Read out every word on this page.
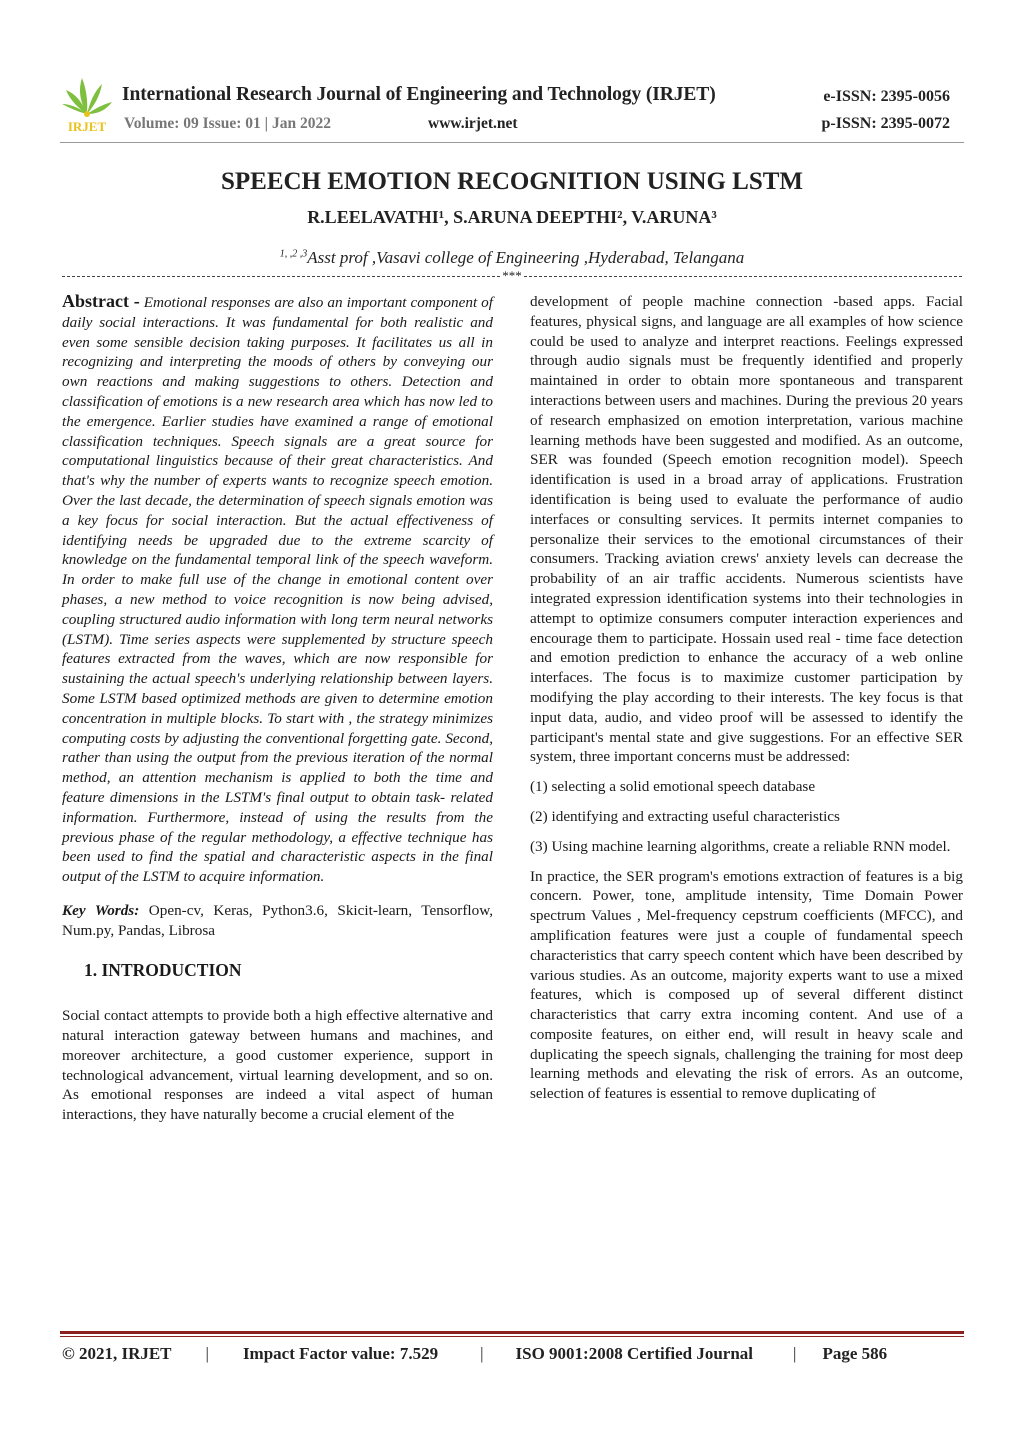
IRJET
International Research Journal of Engineering and Technology (IRJET)	e-ISSN: 2395-0056
Volume: 09 Issue: 01 | Jan 2022	www.irjet.net	p-ISSN: 2395-0072
SPEECH EMOTION RECOGNITION USING LSTM
R.LEELAVATHI¹, S.ARUNA DEEPTHI², V.ARUNA³
$^{1, ,2 ,3}$Asst prof ,Vasavi college of Engineering ,Hyderabad, Telangana
***

Abstract - Emotional responses are also an important component of daily social interactions. It was fundamental for both realistic and even some sensible decision taking purposes. It facilitates us all in recognizing and interpreting the moods of others by conveying our own reactions and making suggestions to others. Detection and classification of emotions is a new research area which has now led to the emergence. Earlier studies have examined a range of emotional classification techniques. Speech signals are a great source for computational linguistics because of their great characteristics. And that's why the number of experts wants to recognize speech emotion. Over the last decade, the determination of speech signals emotion was a key focus for social interaction. But the actual effectiveness of identifying needs be upgraded due to the extreme scarcity of knowledge on the fundamental temporal link of the speech waveform. In order to make full use of the change in emotional content over phases, a new method to voice recognition is now being advised, coupling structured audio information with long term neural networks (LSTM). Time series aspects were supplemented by structure speech features extracted from the waves, which are now responsible for sustaining the actual speech's underlying relationship between layers. Some LSTM based optimized methods are given to determine emotion concentration in multiple blocks. To start with , the strategy minimizes computing costs by adjusting the conventional forgetting gate. Second, rather than using the output from the previous iteration of the normal method, an attention mechanism is applied to both the time and feature dimensions in the LSTM's final output to obtain task- related information. Furthermore, instead of using the results from the previous phase of the regular methodology, a effective technique has been used to find the spatial and characteristic aspects in the final output of the LSTM to acquire information.

Key Words: Open-cv, Keras, Python3.6, Skicit-learn, Tensorflow, Num.py, Pandas, Librosa

1. INTRODUCTION

Social contact attempts to provide both a high effective alternative and natural interaction gateway between humans and machines, and moreover architecture, a good customer experience, support in technological advancement, virtual learning development, and so on. As emotional responses are indeed a vital aspect of human interactions, they have naturally become a crucial element of the

development of people machine connection -based apps. Facial features, physical signs, and language are all examples of how science could be used to analyze and interpret reactions. Feelings expressed through audio signals must be frequently identified and properly maintained in order to obtain more spontaneous and transparent interactions between users and machines. During the previous 20 years of research emphasized on emotion interpretation, various machine learning methods have been suggested and modified. As an outcome, SER was founded (Speech emotion recognition model). Speech identification is used in a broad array of applications. Frustration identification is being used to evaluate the performance of audio interfaces or consulting services. It permits internet companies to personalize their services to the emotional circumstances of their consumers. Tracking aviation crews' anxiety levels can decrease the probability of an air traffic accidents. Numerous scientists have integrated expression identification systems into their technologies in attempt to optimize consumers computer interaction experiences and encourage them to participate. Hossain used real - time face detection and emotion prediction to enhance the accuracy of a web online interfaces. The focus is to maximize customer participation by modifying the play according to their interests. The key focus is that input data, audio, and video proof will be assessed to identify the participant's mental state and give suggestions. For an effective SER system, three important concerns must be addressed:

(1) selecting a solid emotional speech database

(2) identifying and extracting useful characteristics

(3) Using machine learning algorithms, create a reliable RNN model.

In practice, the SER program's emotions extraction of features is a big concern. Power, tone, amplitude intensity, Time Domain Power spectrum Values , Mel-frequency cepstrum coefficients (MFCC), and amplification features were just a couple of fundamental speech characteristics that carry speech content which have been described by various studies. As an outcome, majority experts want to use a mixed features, which is composed up of several different distinct characteristics that carry extra incoming content. And use of a composite features, on either end, will result in heavy scale and duplicating the speech signals, challenging the training for most deep learning methods and elevating the risk of errors. As an outcome, selection of features is essential to remove duplicating of

© 2021, IRJET | Impact Factor value: 7.529 | ISO 9001:2008 Certified Journal | Page 586
